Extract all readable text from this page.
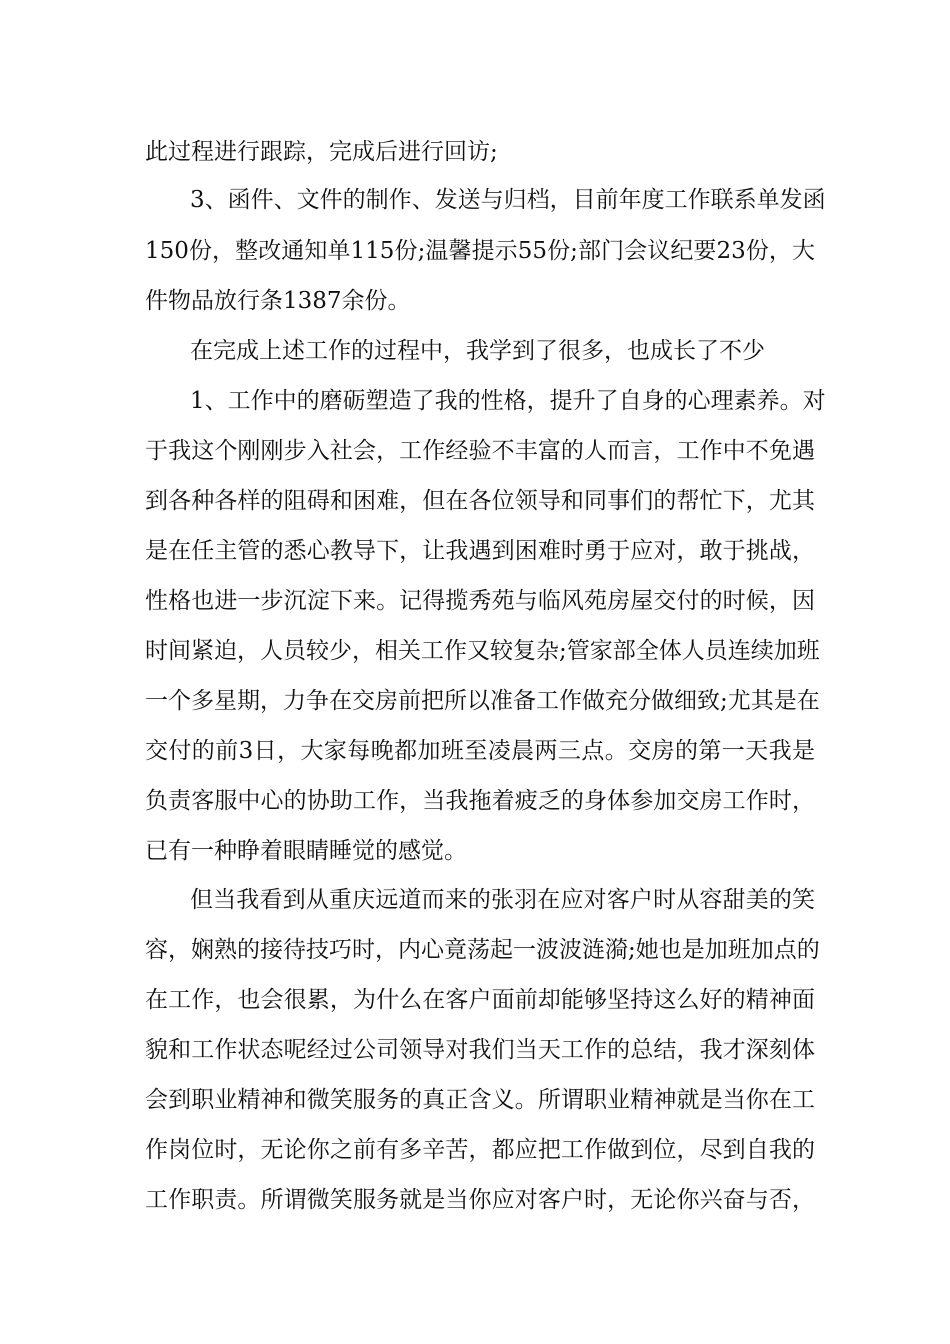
此过程进行跟踪，完成后进行回访;
3、函件、文件的制作、发送与归档，目前年度工作联系单发函
150份，整改通知单115份;温馨提示55份;部门会议纪要23份，大
件物品放行条1387余份。
在完成上述工作的过程中，我学到了很多，也成长了不少
1、工作中的磨砺塑造了我的性格，提升了自身的心理素养。对
于我这个刚刚步入社会，工作经验不丰富的人而言，工作中不免遇
到各种各样的阻碍和困难，但在各位领导和同事们的帮忙下，尤其
是在任主管的悉心教导下，让我遇到困难时勇于应对，敢于挑战，
性格也进一步沉淀下来。记得揽秀苑与临风苑房屋交付的时候，因
时间紧迫，人员较少，相关工作又较复杂;管家部全体人员连续加班
一个多星期，力争在交房前把所以准备工作做充分做细致;尤其是在
交付的前3日，大家每晚都加班至凌晨两三点。交房的第一天我是
负责客服中心的协助工作，当我拖着疲乏的身体参加交房工作时，
已有一种睁着眼睛睡觉的感觉。
但当我看到从重庆远道而来的张羽在应对客户时从容甜美的笑
容，娴熟的接待技巧时，内心竟荡起一波波涟漪;她也是加班加点的
在工作，也会很累，为什么在客户面前却能够坚持这么好的精神面
貌和工作状态呢经过公司领导对我们当天工作的总结，我才深刻体
会到职业精神和微笑服务的真正含义。所谓职业精神就是当你在工
作岗位时，无论你之前有多辛苦，都应把工作做到位，尽到自我的
工作职责。所谓微笑服务就是当你应对客户时，无论你兴奋与否，
